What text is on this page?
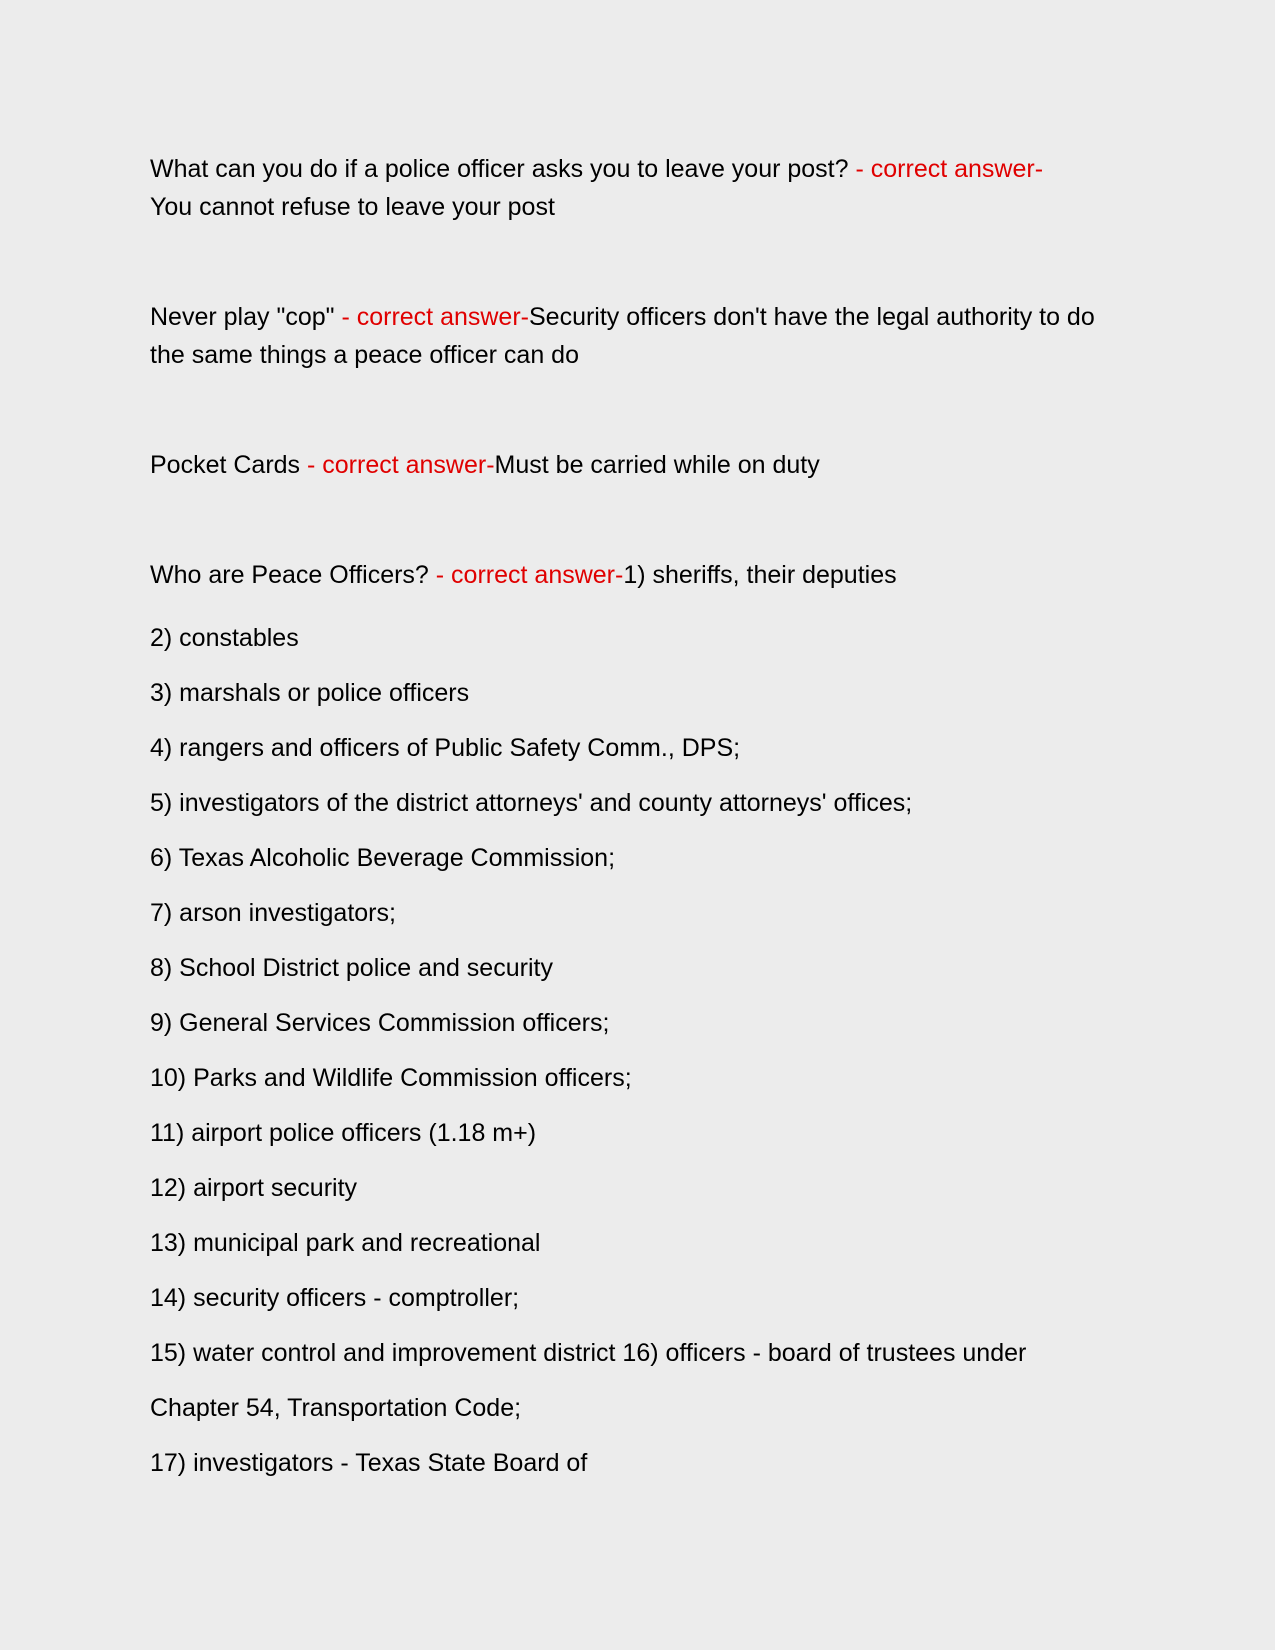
What can you do if a police officer asks you to leave your post? - correct answer-
You cannot refuse to leave your post
Never play "cop" - correct answer-Security officers don't have the legal authority to do the same things a peace officer can do
Pocket Cards - correct answer-Must be carried while on duty
Who are Peace Officers? - correct answer-1) sheriffs, their deputies
2) constables
3) marshals or police officers
4) rangers and officers of Public Safety Comm., DPS;
5) investigators of the district attorneys' and county attorneys' offices;
6) Texas Alcoholic Beverage Commission;
7) arson investigators;
8) School District police and security
9) General Services Commission officers;
10) Parks and Wildlife Commission officers;
11) airport police officers (1.18 m+)
12) airport security
13) municipal park and recreational
14) security officers - comptroller;
15) water control and improvement district 16) officers - board of trustees under
Chapter 54, Transportation Code;
17) investigators - Texas State Board of
